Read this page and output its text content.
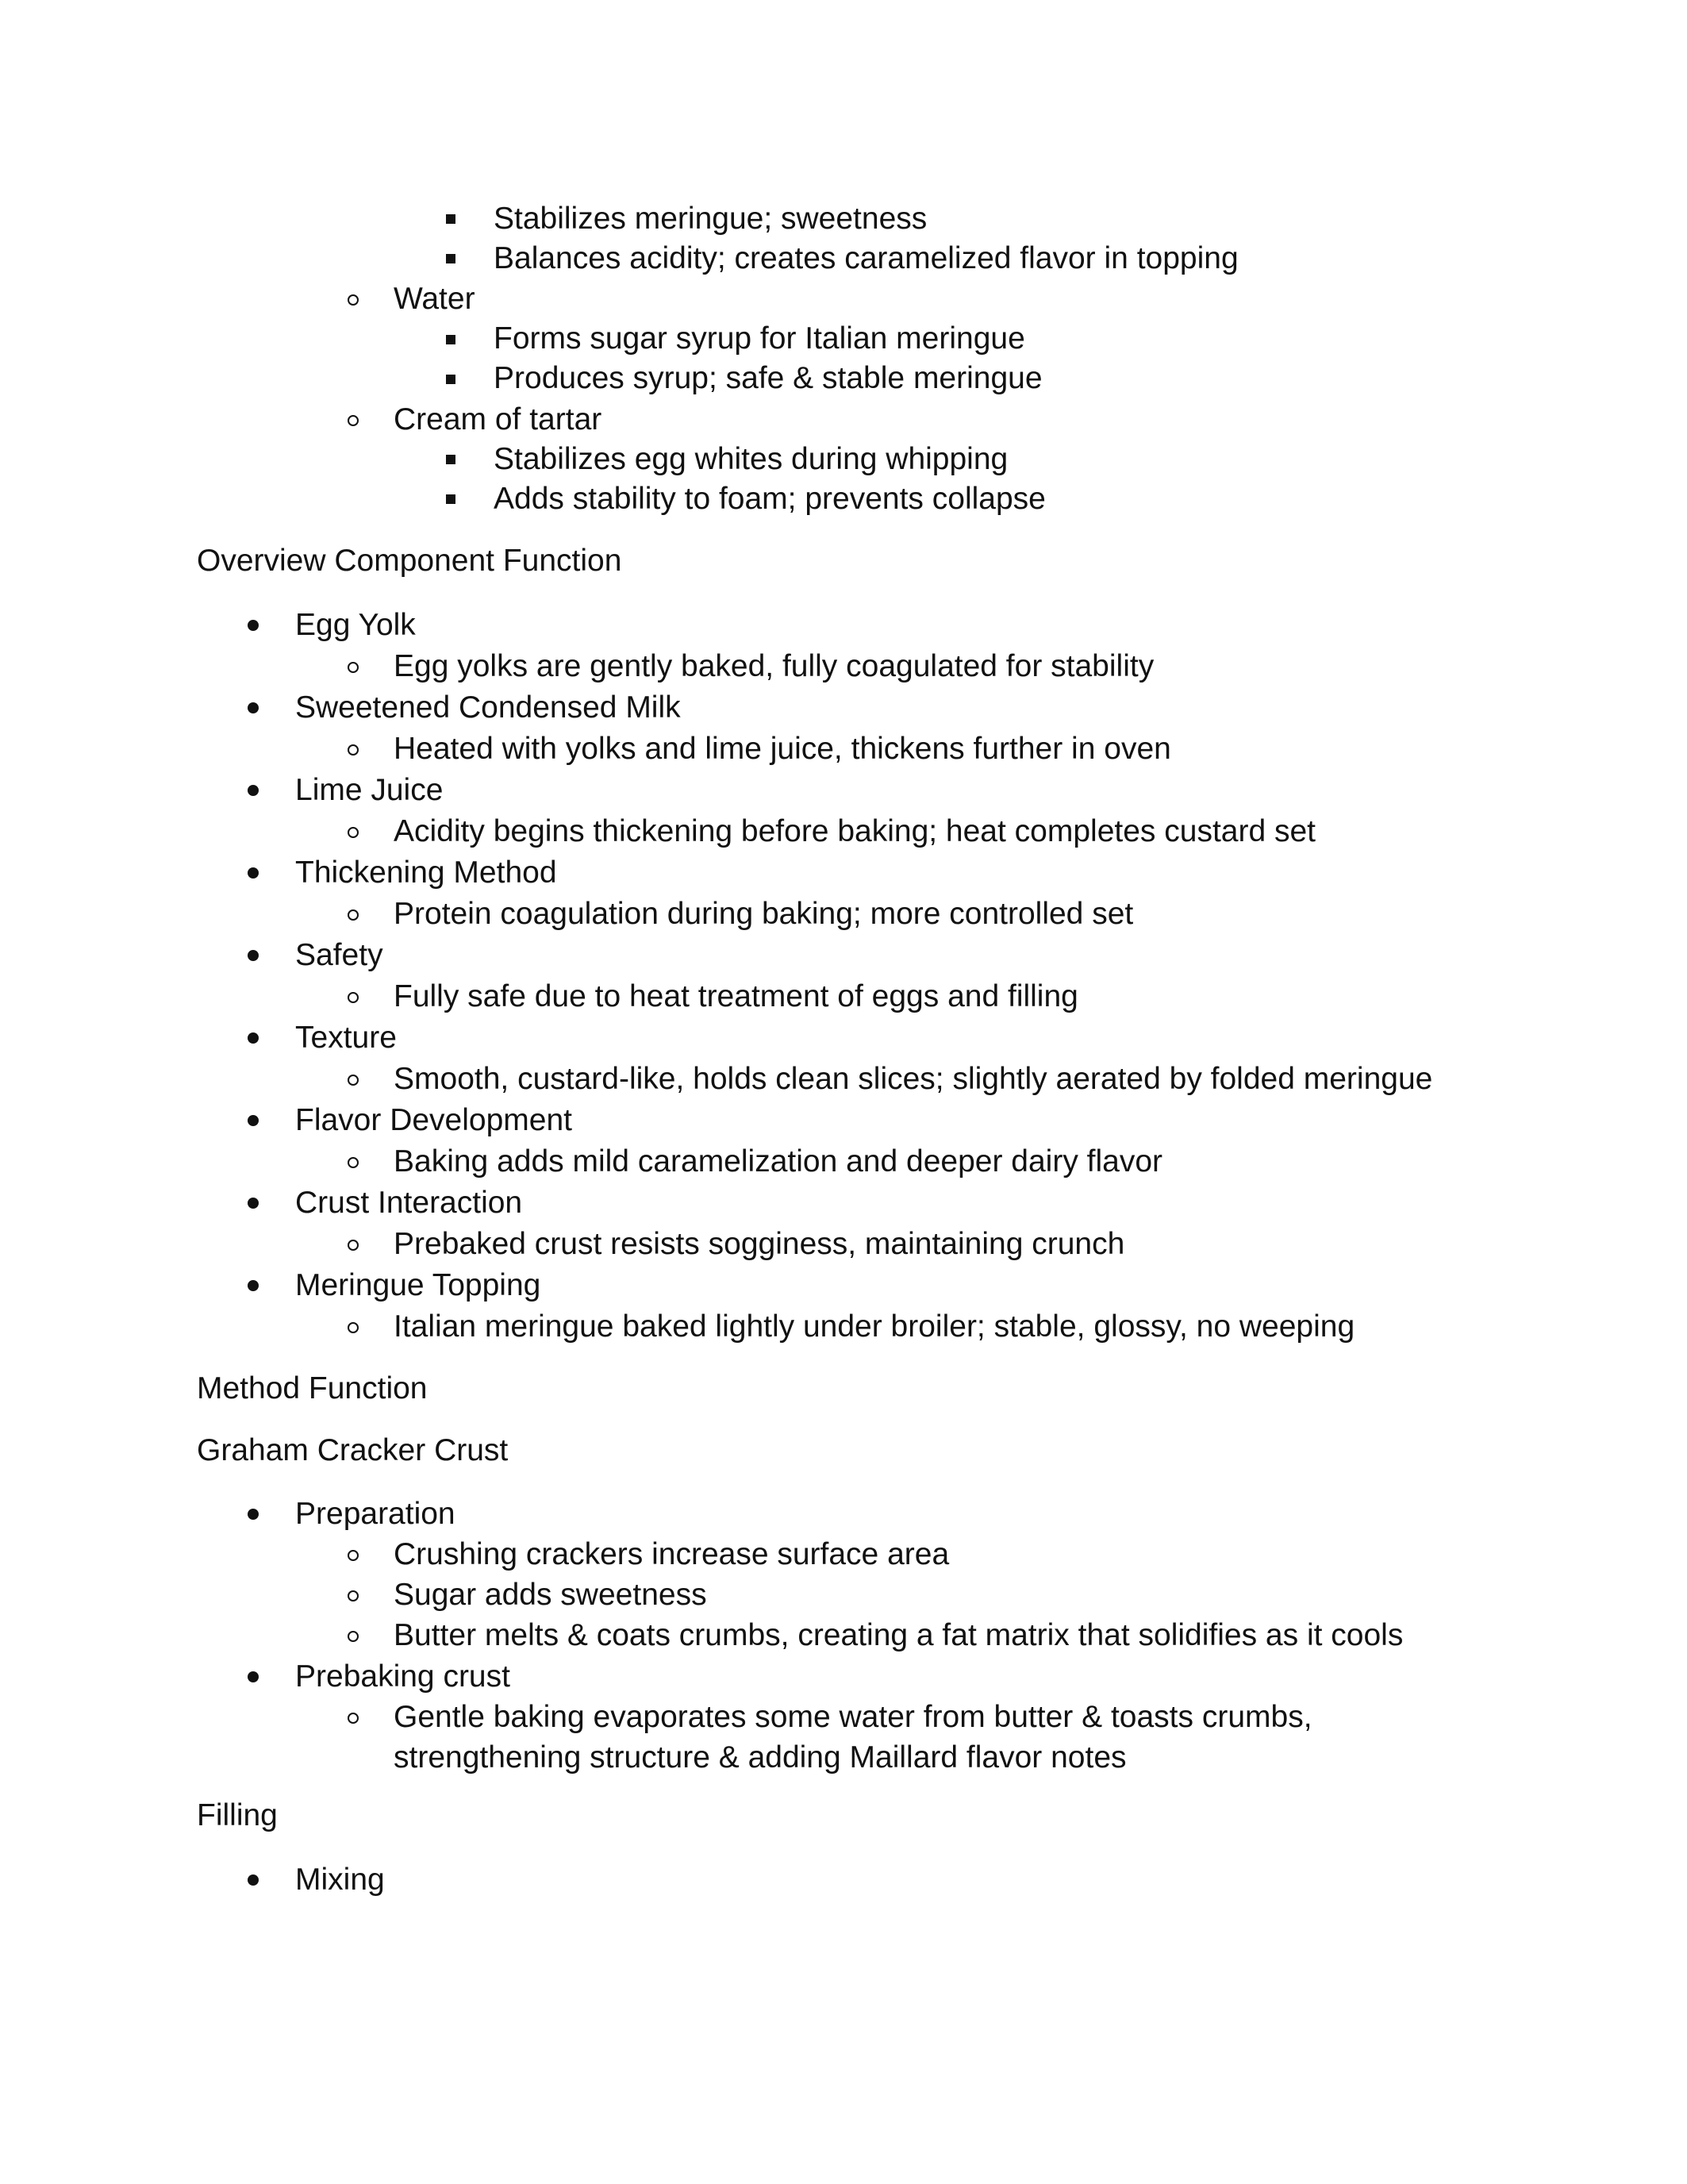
Stabilizes meringue; sweetness
Balances acidity; creates caramelized flavor in topping
Water
Forms sugar syrup for Italian meringue
Produces syrup; safe & stable meringue
Cream of tartar
Stabilizes egg whites during whipping
Adds stability to foam; prevents collapse
Overview Component Function
Egg Yolk
Egg yolks are gently baked, fully coagulated for stability
Sweetened Condensed Milk
Heated with yolks and lime juice, thickens further in oven
Lime Juice
Acidity begins thickening before baking; heat completes custard set
Thickening Method
Protein coagulation during baking; more controlled set
Safety
Fully safe due to heat treatment of eggs and filling
Texture
Smooth, custard-like, holds clean slices; slightly aerated by folded meringue
Flavor Development
Baking adds mild caramelization and deeper dairy flavor
Crust Interaction
Prebaked crust resists sogginess, maintaining crunch
Meringue Topping
Italian meringue baked lightly under broiler; stable, glossy, no weeping
Method Function
Graham Cracker Crust
Preparation
Crushing crackers increase surface area
Sugar adds sweetness
Butter melts & coats crumbs, creating a fat matrix that solidifies as it cools
Prebaking crust
Gentle baking evaporates some water from butter & toasts crumbs,
strengthening structure & adding Maillard flavor notes
Filling
Mixing
